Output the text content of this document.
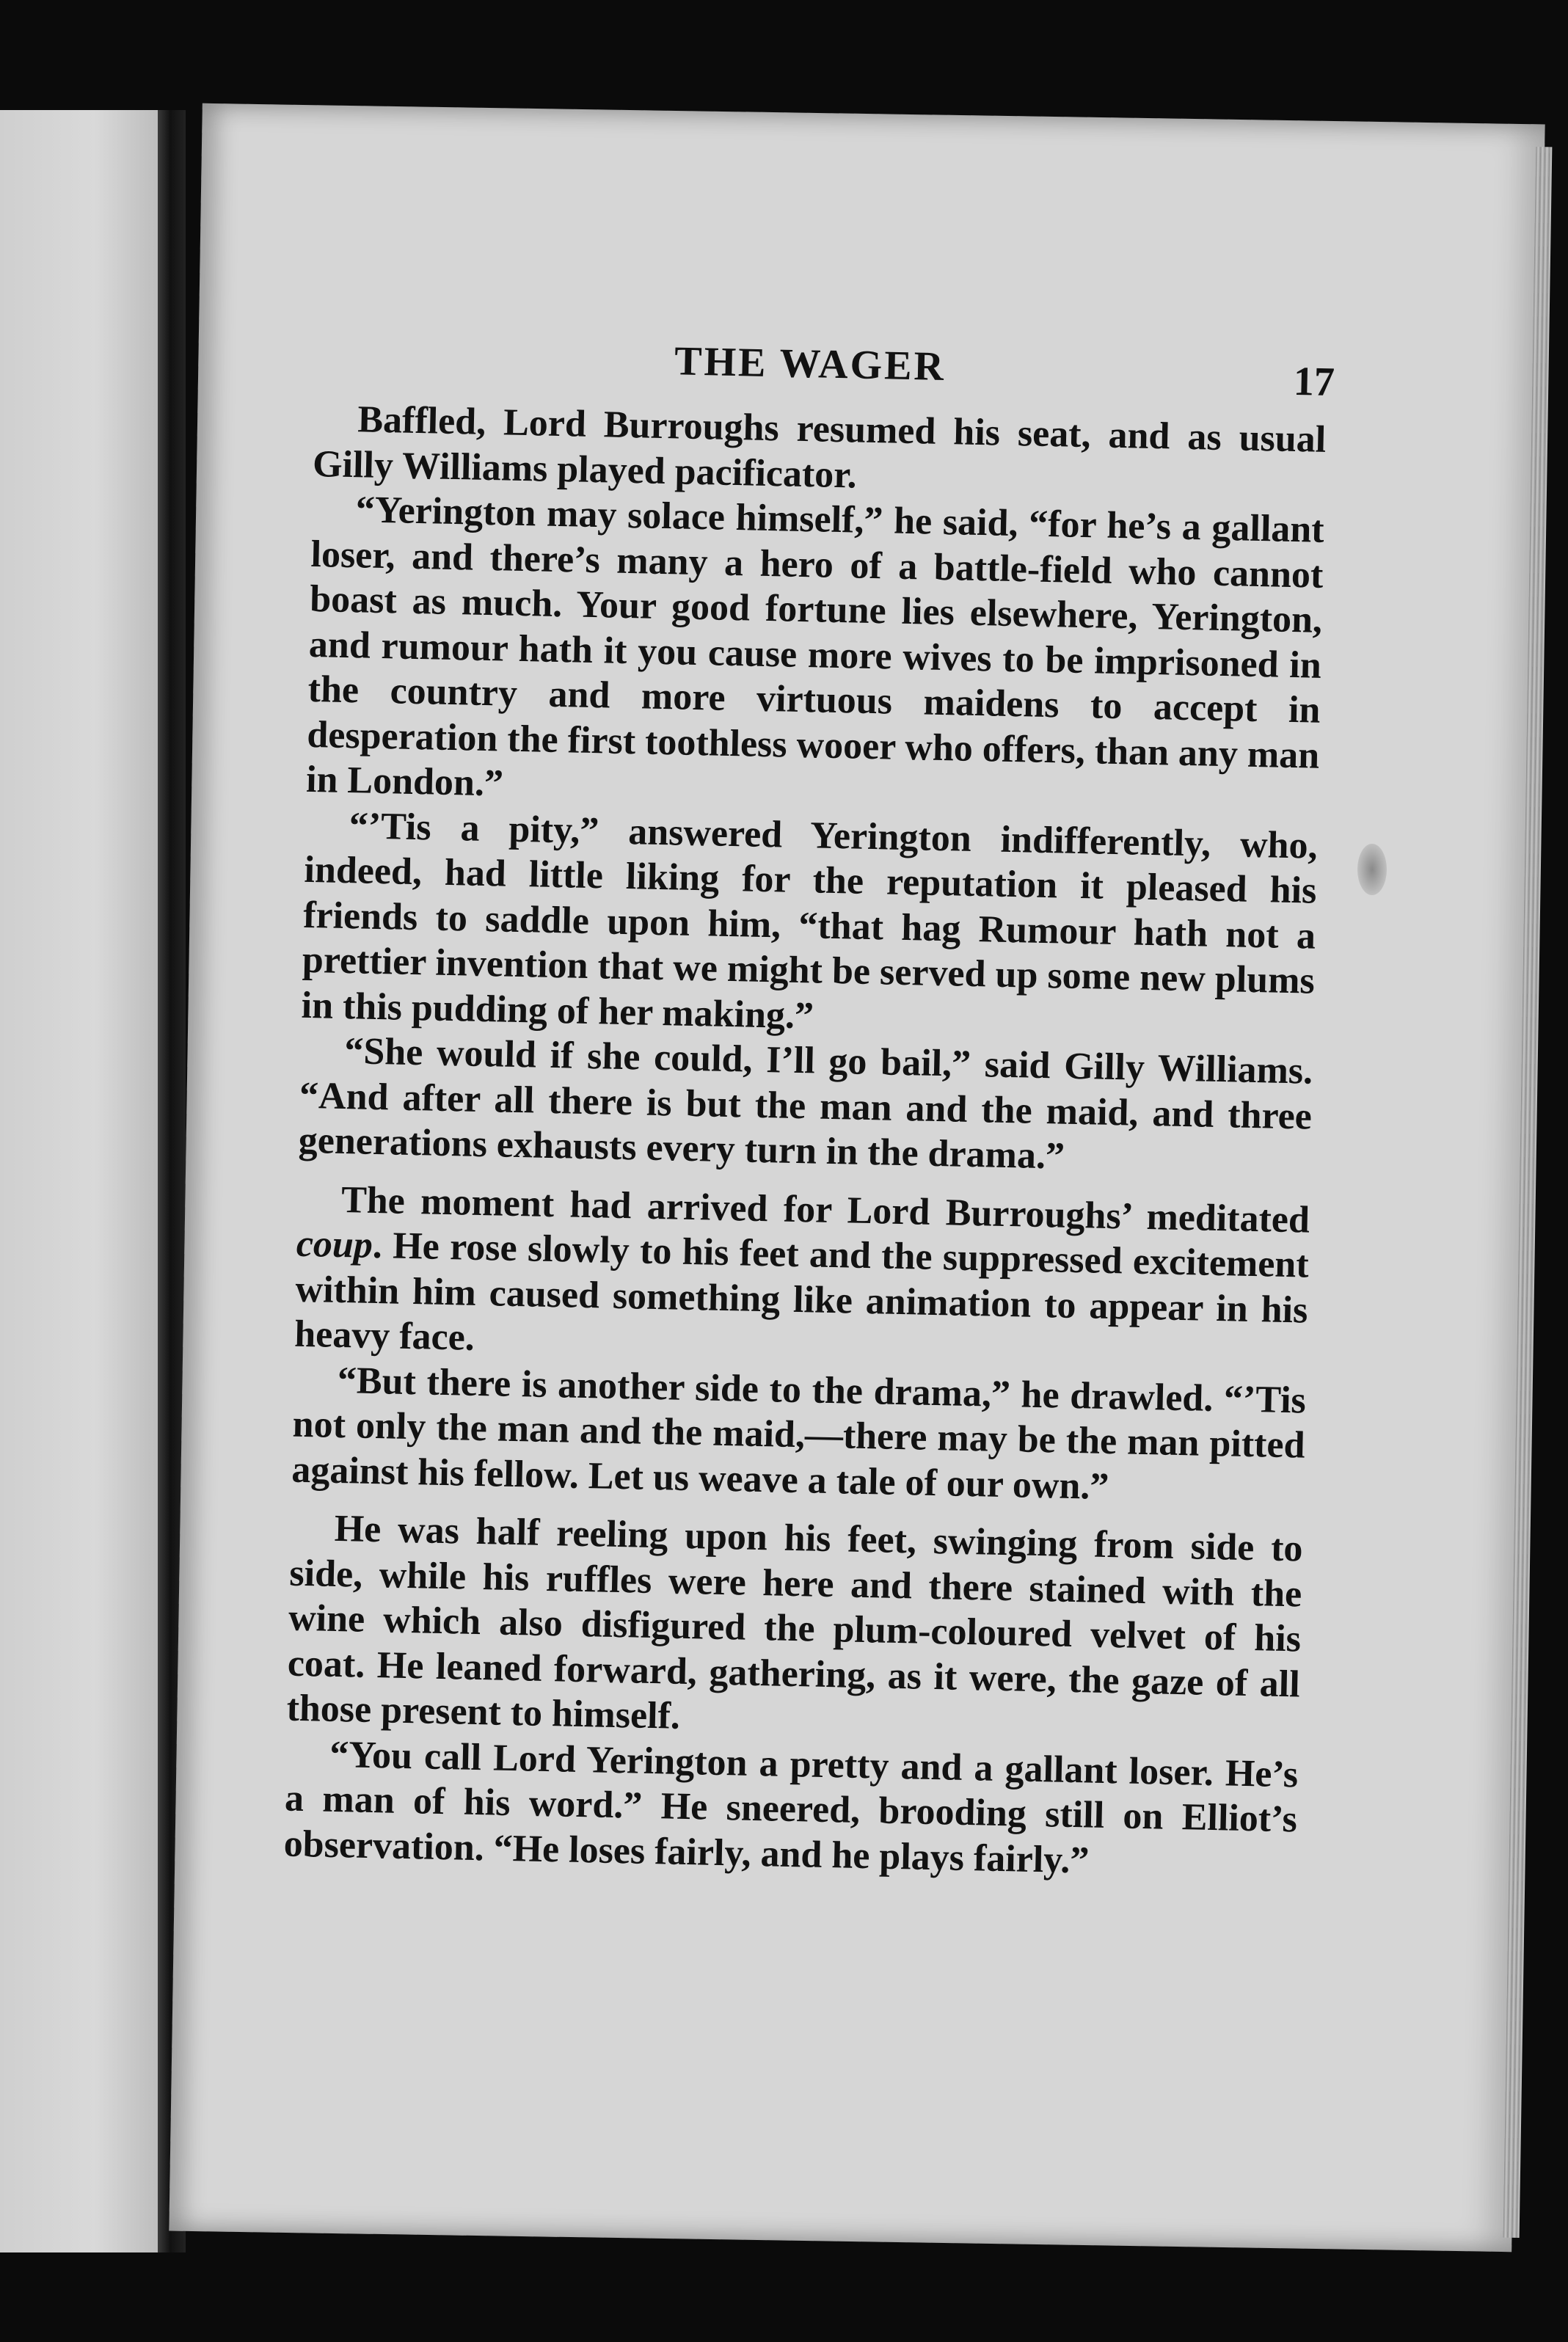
THE WAGER	17

Baffled, Lord Burroughs resumed his seat, and as usual Gilly Williams played pacificator.

“Yerington may solace himself,” he said, “for he’s a gallant loser, and there’s many a hero of a battle-field who cannot boast as much. Your good fortune lies elsewhere, Yerington, and rumour hath it you cause more wives to be imprisoned in the country and more virtuous maidens to accept in desperation the first toothless wooer who offers, than any man in London.”

“’Tis a pity,” answered Yerington indifferently, who, indeed, had little liking for the reputation it pleased his friends to saddle upon him, “that hag Rumour hath not a prettier invention that we might be served up some new plums in this pudding of her making.”

“She would if she could, I’ll go bail,” said Gilly Williams. “And after all there is but the man and the maid, and three generations exhausts every turn in the drama.”

The moment had arrived for Lord Burroughs’ meditated coup. He rose slowly to his feet and the suppressed excitement within him caused something like animation to appear in his heavy face.

“But there is another side to the drama,” he drawled. “’Tis not only the man and the maid,—there may be the man pitted against his fellow. Let us weave a tale of our own.”

He was half reeling upon his feet, swinging from side to side, while his ruffles were here and there stained with the wine which also disfigured the plum-coloured velvet of his coat. He leaned forward, gathering, as it were, the gaze of all those present to himself.

“You call Lord Yerington a pretty and a gallant loser. He’s a man of his word.” He sneered, brooding still on Elliot’s observation. “He loses fairly, and he plays fairly.”
